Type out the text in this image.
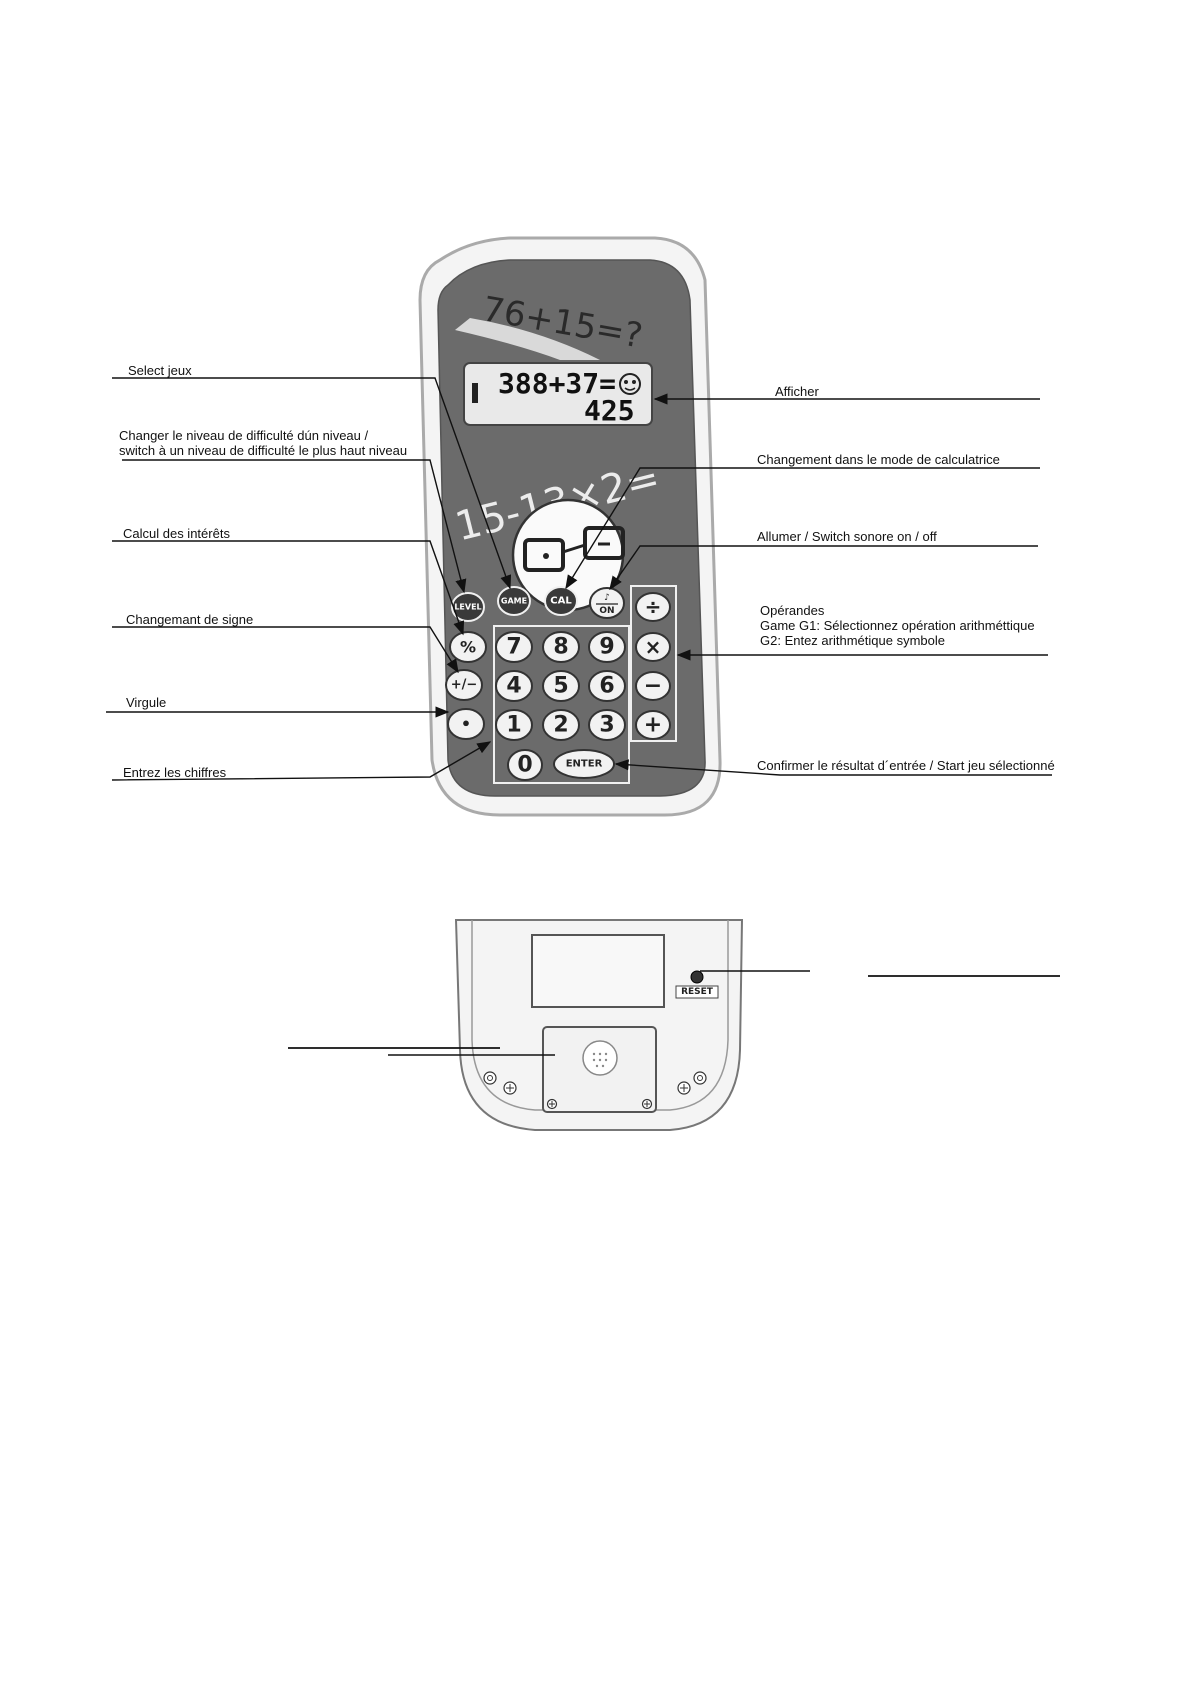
Select jeux
Changer le niveau de difficulté dún niveau /
switch à un niveau de difficulté le plus haut niveau
Calcul des intérêts
Changemant de signe
Virgule
Entrez les chiffres
Afficher
Changement dans le mode de calculatrice
Allumer / Switch sonore on / off
Opérandes
Game G1: Sélectionnez opération arithméttique
G2: Entez arithmétique symbole
Confirmer le résultat d´entrée / Start jeu sélectionné
76+15=?
388+37=
425
LEVEL
GAME CAL	♪
ON
%
+/−
•
7 8 9
4 5 6
1 2 3
0	ENTER
÷
×
−
+
RESET
